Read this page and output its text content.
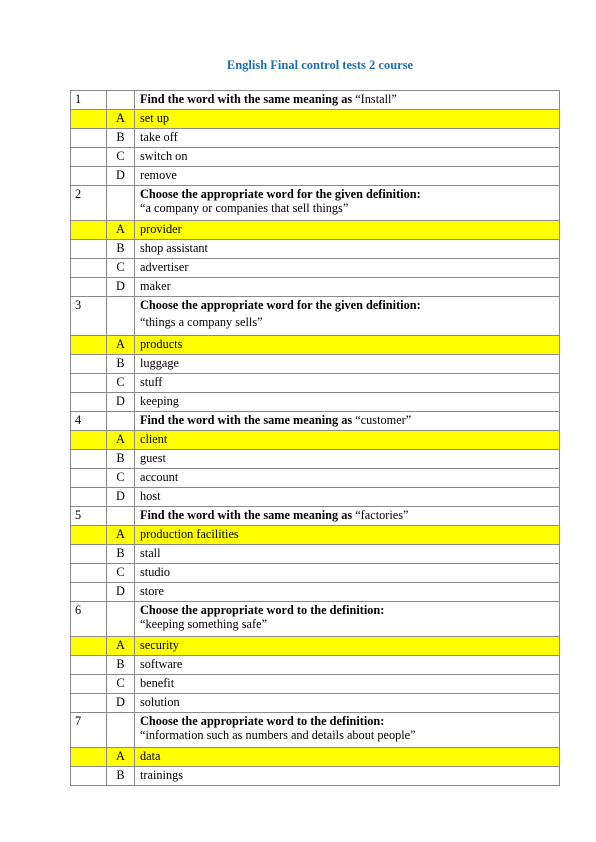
English Final control tests 2 course
1		Find the word with the same meaning as “Install”
	A	set up
	B	take off
	C	switch on
	D	remove
2		Choose the appropriate word for the given definition:
“a company or companies that sell things”

	A	provider
	B	shop assistant
	C	advertiser
	D	maker
3		Choose the appropriate word for the given definition:
“things a company sells”

	A	products
	B	luggage
	C	stuff
	D	keeping
4		Find the word with the same meaning as “customer”
	A	client
	B	guest
	C	account
	D	host
5		Find the word with the same meaning as “factories”
	A	production facilities
	B	stall
	C	studio
	D	store
6		Choose the appropriate word to the definition:
“keeping something safe”

	A	security
	B	software
	C	benefit
	D	solution
7		Choose the appropriate word to the definition:
“information such as numbers and details about people”

	A	data
	B	trainings
